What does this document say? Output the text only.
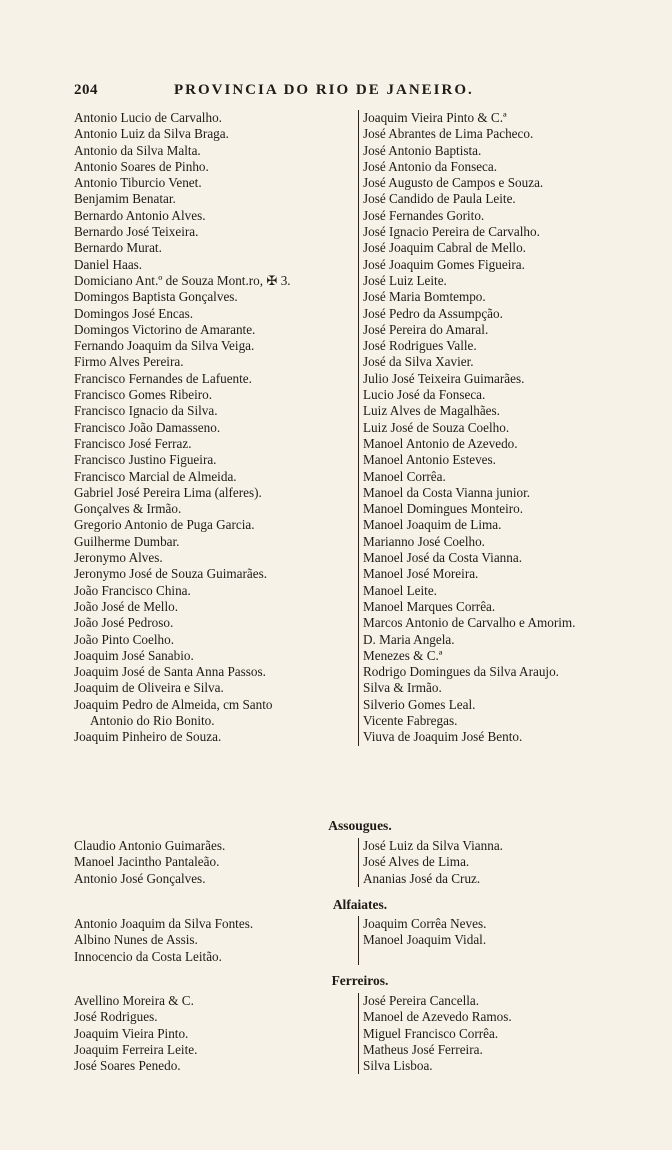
204	PROVINCIA DO RIO DE JANEIRO.
Antonio Lucio de Carvalho.
Antonio Luiz da Silva Braga.
Antonio da Silva Malta.
Antonio Soares de Pinho.
Antonio Tiburcio Venet.
Benjamim Benatar.
Bernardo Antonio Alves.
Bernardo José Teixeira.
Bernardo Murat.
Daniel Haas.
Domiciano Ant.º de Souza Mont.ro, ✠ 3.
Domingos Baptista Gonçalves.
Domingos José Encas.
Domingos Victorino de Amarante.
Fernando Joaquim da Silva Veiga.
Firmo Alves Pereira.
Francisco Fernandes de Lafuente.
Francisco Gomes Ribeiro.
Francisco Ignacio da Silva.
Francisco João Damasseno.
Francisco José Ferraz.
Francisco Justino Figueira.
Francisco Marcial de Almeida.
Gabriel José Pereira Lima (alferes).
Gonçalves & Irmão.
Gregorio Antonio de Puga Garcia.
Guilherme Dumbar.
Jeronymo Alves.
Jeronymo José de Souza Guimarães.
João Francisco China.
João José de Mello.
João José Pedroso.
João Pinto Coelho.
Joaquim José Sanabio.
Joaquim José de Santa Anna Passos.
Joaquim de Oliveira e Silva.
Joaquim Pedro de Almeida, cm Santo
Antonio do Rio Bonito.
Joaquim Pinheiro de Souza.
Joaquim Vieira Pinto & C.ª
José Abrantes de Lima Pacheco.
José Antonio Baptista.
José Antonio da Fonseca.
José Augusto de Campos e Souza.
José Candido de Paula Leite.
José Fernandes Gorito.
José Ignacio Pereira de Carvalho.
José Joaquim Cabral de Mello.
José Joaquim Gomes Figueira.
José Luiz Leite.
José Maria Bomtempo.
José Pedro da Assumpção.
José Pereira do Amaral.
José Rodrigues Valle.
José da Silva Xavier.
Julio José Teixeira Guimarães.
Lucio José da Fonseca.
Luiz Alves de Magalhães.
Luiz José de Souza Coelho.
Manoel Antonio de Azevedo.
Manoel Antonio Esteves.
Manoel Corrêa.
Manoel da Costa Vianna junior.
Manoel Domingues Monteiro.
Manoel Joaquim de Lima.
Marianno José Coelho.
Manoel José da Costa Vianna.
Manoel José Moreira.
Manoel Leite.
Manoel Marques Corrêa.
Marcos Antonio de Carvalho e Amorim.
D. Maria Angela.
Menezes & C.ª
Rodrigo Domingues da Silva Araujo.
Silva & Irmão.
Silverio Gomes Leal.
Vicente Fabregas.
Viuva de Joaquim José Bento.
Assougues.
Claudio Antonio Guimarães.
Manoel Jacintho Pantaleão.
Antonio José Gonçalves.
José Luiz da Silva Vianna.
José Alves de Lima.
Ananias José da Cruz.
Alfaiates.
Antonio Joaquim da Silva Fontes.
Albino Nunes de Assis.
Innocencio da Costa Leitão.
Joaquim Corrêa Neves.
Manoel Joaquim Vidal.
Ferreiros.
Avellino Moreira & C.
José Rodrigues.
Joaquim Vieira Pinto.
Joaquim Ferreira Leite.
José Soares Penedo.
José Pereira Cancella.
Manoel de Azevedo Ramos.
Miguel Francisco Corrêa.
Matheus José Ferreira.
Silva Lisboa.
